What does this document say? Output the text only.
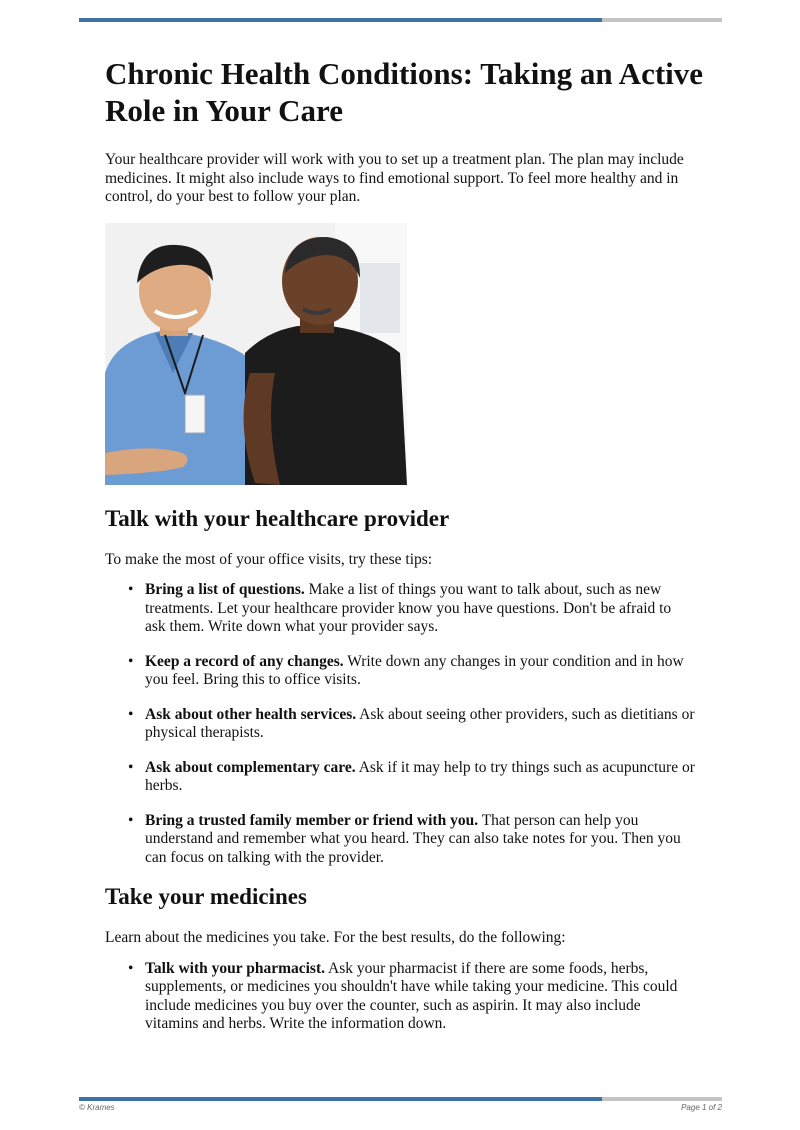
Chronic Health Conditions: Taking an Active Role in Your Care

Your healthcare provider will work with you to set up a treatment plan. The plan may include medicines. It might also include ways to find emotional support. To feel more healthy and in control, do your best to follow your plan.

Talk with your healthcare provider

To make the most of your office visits, try these tips:

• Bring a list of questions. Make a list of things you want to talk about, such as new treatments. Let your healthcare provider know you have questions. Don't be afraid to ask them. Write down what your provider says.
• Keep a record of any changes. Write down any changes in your condition and in how you feel. Bring this to office visits.
• Ask about other health services. Ask about seeing other providers, such as dietitians or physical therapists.
• Ask about complementary care. Ask if it may help to try things such as acupuncture or herbs.
• Bring a trusted family member or friend with you. That person can help you understand and remember what you heard. They can also take notes for you. Then you can focus on talking with the provider.
Take your medicines

Learn about the medicines you take. For the best results, do the following:

• Talk with your pharmacist. Ask your pharmacist if there are some foods, herbs, supplements, or medicines you shouldn't have while taking your medicine. This could include medicines you buy over the counter, such as aspirin. It may also include vitamins and herbs. Write the information down.
© Krames	Page 1 of 2
